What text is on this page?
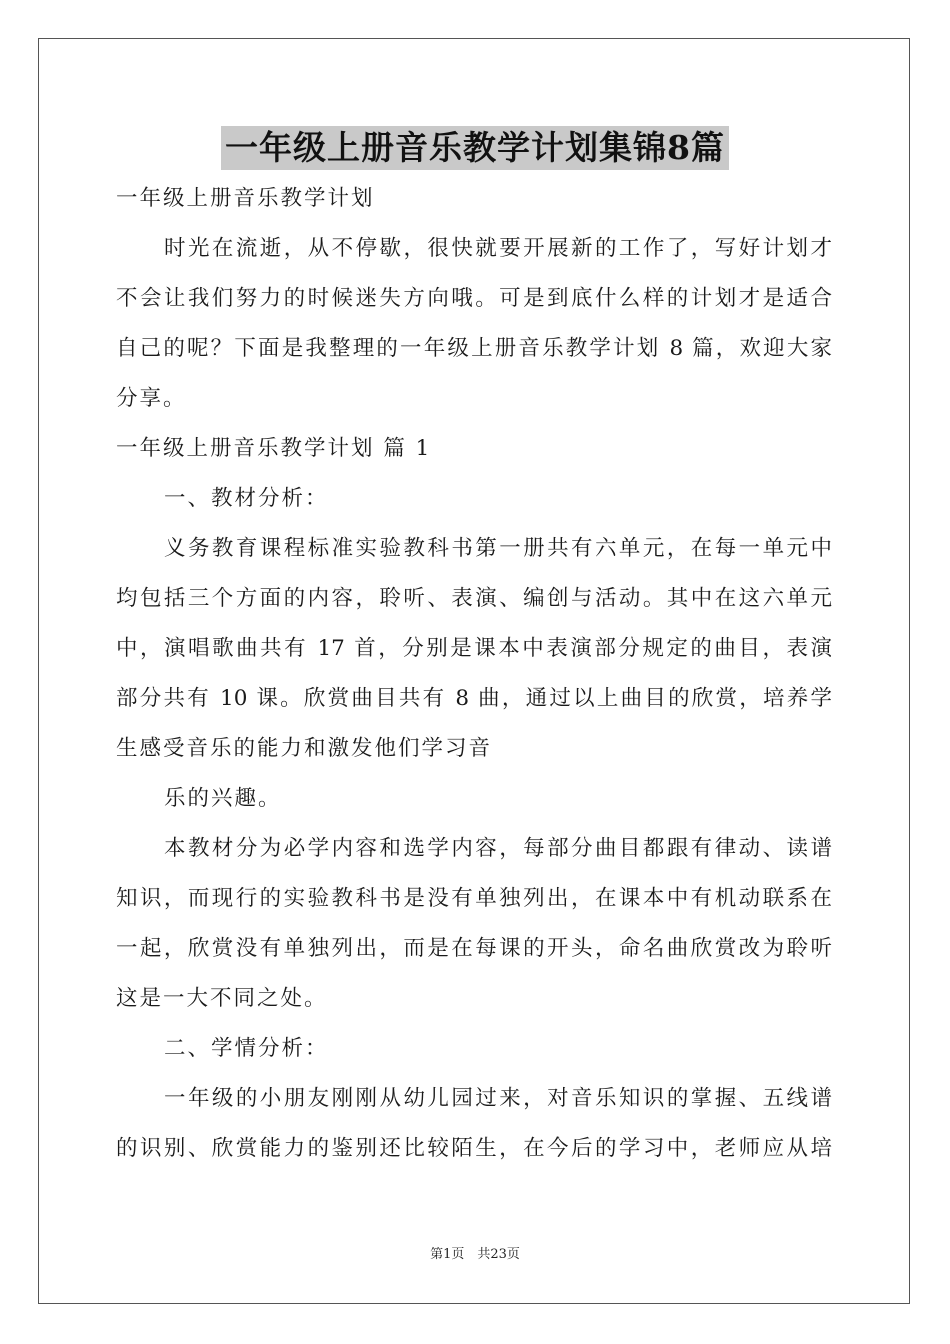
一年级上册音乐教学计划集锦8篇
一年级上册音乐教学计划
时光在流逝，从不停歇，很快就要开展新的工作了，写好计划才
不会让我们努力的时候迷失方向哦。可是到底什么样的计划才是适合
自己的呢？下面是我整理的一年级上册音乐教学计划 8 篇，欢迎大家
分享。
一年级上册音乐教学计划 篇 1
一、教材分析：
义务教育课程标准实验教科书第一册共有六单元，在每一单元中
均包括三个方面的内容，聆听、表演、编创与活动。其中在这六单元
中，演唱歌曲共有 17 首，分别是课本中表演部分规定的曲目，表演
部分共有 10 课。欣赏曲目共有 8 曲，通过以上曲目的欣赏，培养学
生感受音乐的能力和激发他们学习音
乐的兴趣。
本教材分为必学内容和选学内容，每部分曲目都跟有律动、读谱
知识，而现行的实验教科书是没有单独列出，在课本中有机动联系在
一起，欣赏没有单独列出，而是在每课的开头，命名曲欣赏改为聆听
这是一大不同之处。
二、学情分析：
一年级的小朋友刚刚从幼儿园过来，对音乐知识的掌握、五线谱
的识别、欣赏能力的鉴别还比较陌生，在今后的学习中，老师应从培
第1页　共23页
